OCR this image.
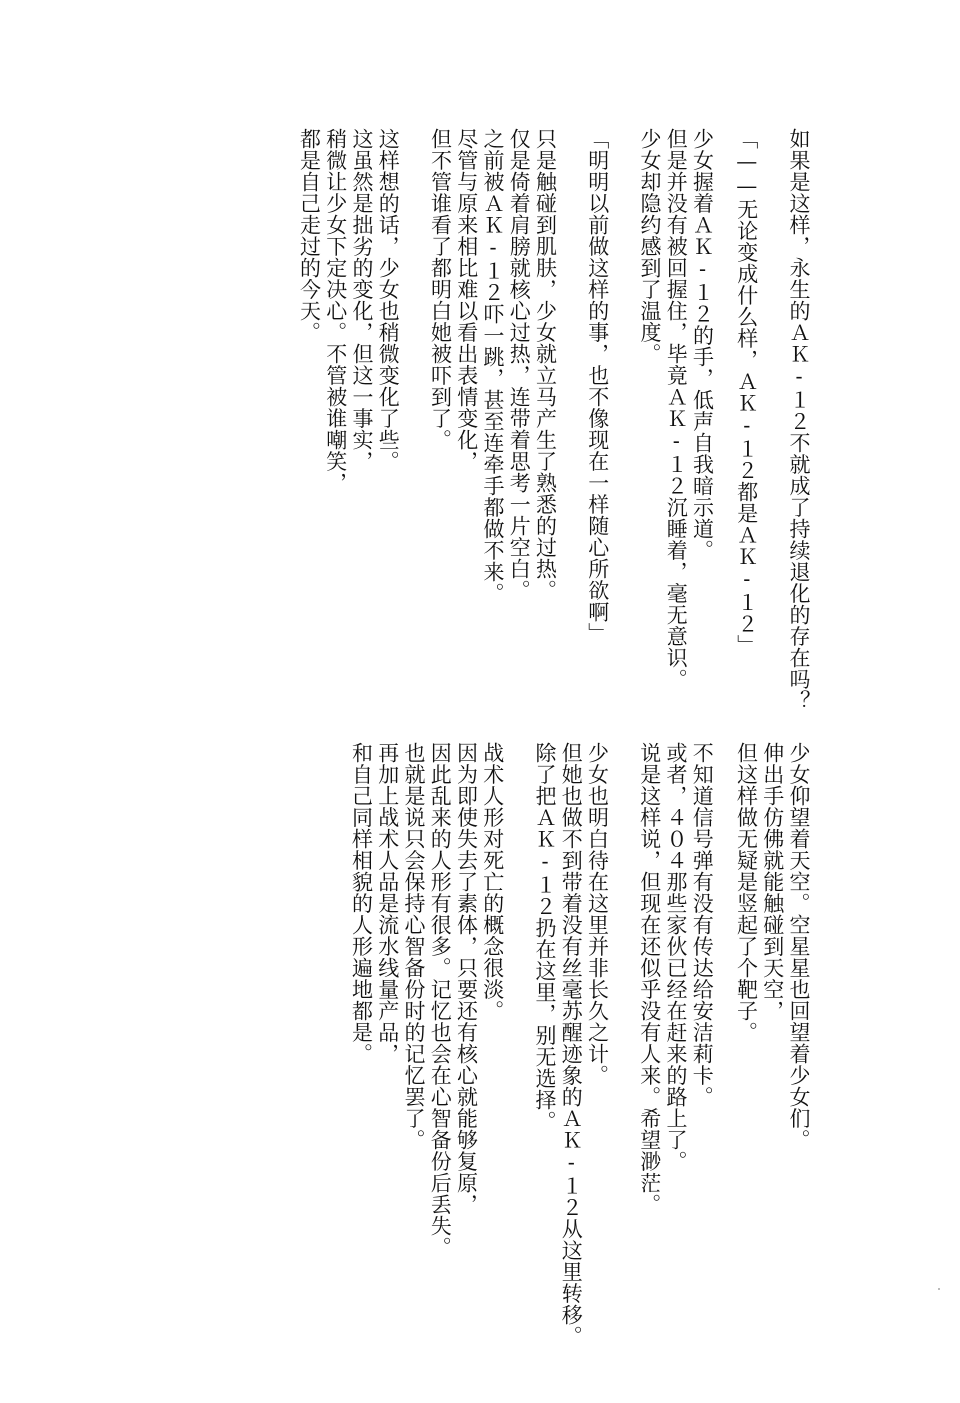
如果是这样，永生的ＡＫ-１２不就成了持续退化的存在吗？
「——无论变成什么样，ＡＫ-１２都是ＡＫ-１２」
少女握着ＡＫ-１２的手，低声自我暗示道。
但是并没有被回握住，毕竟ＡＫ-１２沉睡着，毫无意识。
少女却隐约感到了温度。
「明明以前做这样的事，也不像现在一样随心所欲啊」
只是触碰到肌肤，少女就立马产生了熟悉的过热。
仅是倚着肩膀就核心过热，连带着思考一片空白。
之前被ＡＫ-１２吓一跳，甚至连牵手都做不来。
尽管与原来相比难以看出表情变化，
但不管谁看了都明白她被吓到了。
这样想的话，少女也稍微变化了些。
这虽然是拙劣的变化，但这一事实，
稍微让少女下定决心。不管被谁嘲笑，
都是自己走过的今天。
少女仰望着天空。空星星也回望着少女们。
伸出手仿佛就能触碰到天空，
但这样做无疑是竖起了个靶子。
不知道信号弹有没有传达给安洁莉卡。
或者，４０４那些家伙已经在赶来的路上了。
说是这样说，但现在还似乎没有人来。希望渺茫。
少女也明白待在这里并非长久之计。
但她也做不到带着没有丝毫苏醒迹象的ＡＫ-１２从这里转移。
除了把ＡＫ-１２扔在这里，别无选择。
战术人形对死亡的概念很淡。
因为即使失去了素体，只要还有核心就能够复原，
因此乱来的人形有很多。记忆也会在心智备份后丢失。
也就是说只会保持心智备份时的记忆罢了。
再加上战术人品是流水线量产品，
和自己同样相貌的人形遍地都是。
